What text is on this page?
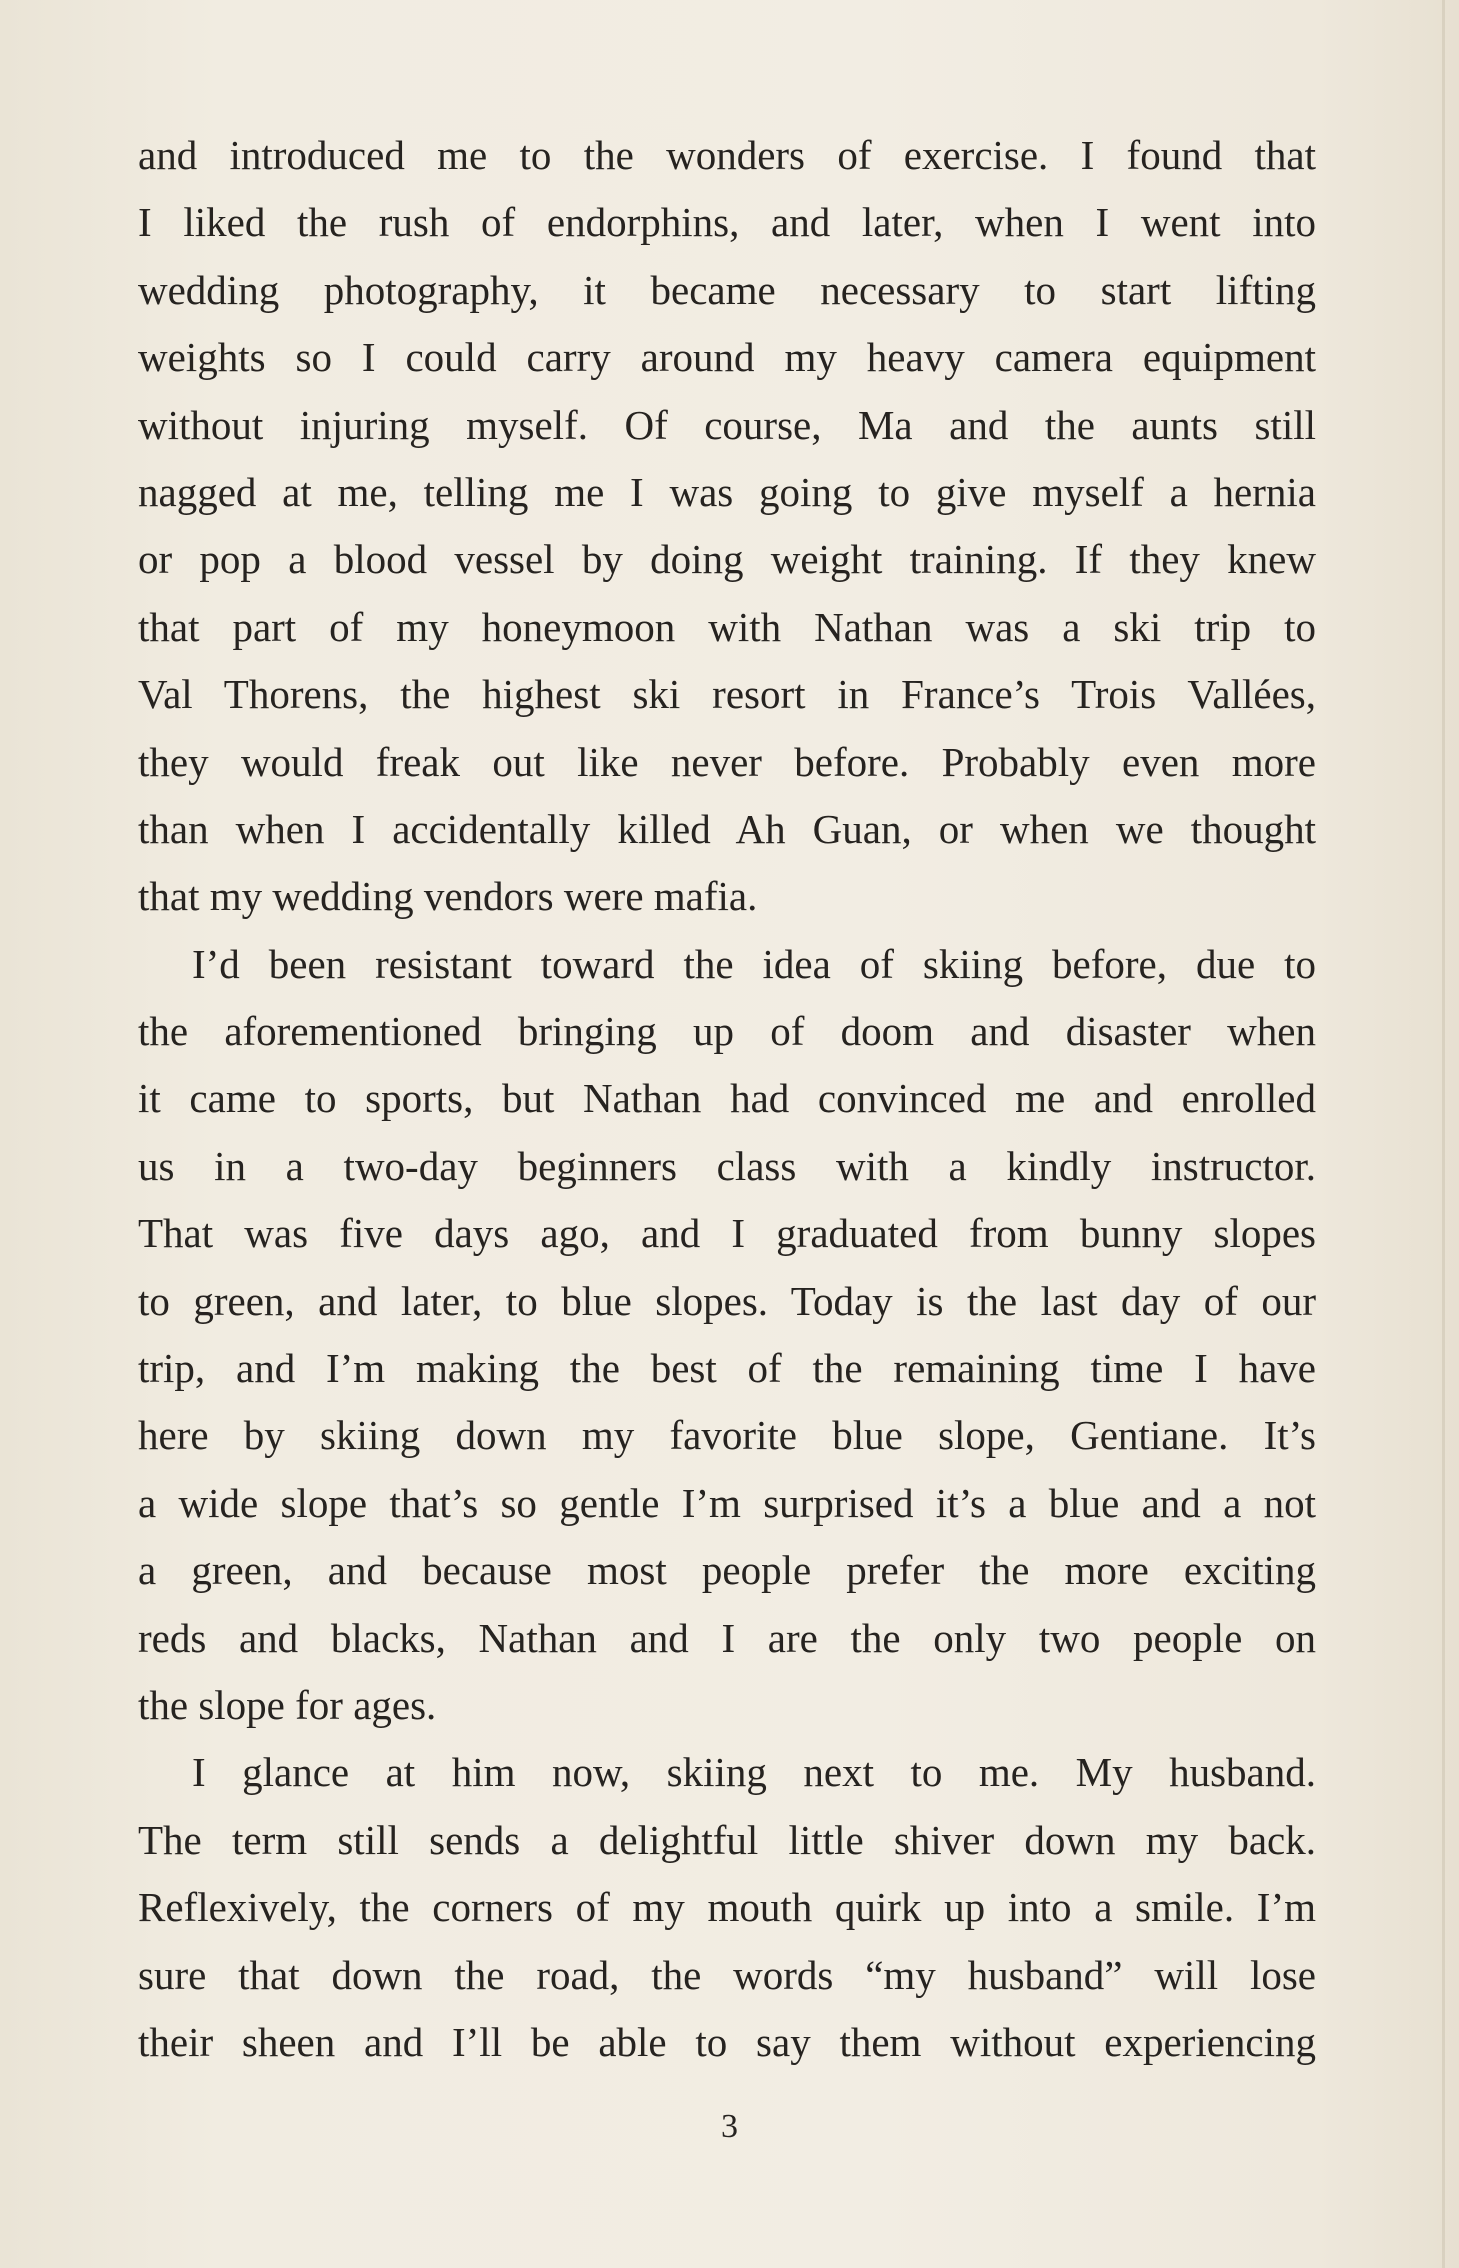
and introduced me to the wonders of exercise. I found that
I liked the rush of endorphins, and later, when I went into
wedding photography, it became necessary to start lifting
weights so I could carry around my heavy camera equipment
without injuring myself. Of course, Ma and the aunts still
nagged at me, telling me I was going to give myself a hernia
or pop a blood vessel by doing weight training. If they knew
that part of my honeymoon with Nathan was a ski trip to
Val Thorens, the highest ski resort in France’s Trois Vallées,
they would freak out like never before. Probably even more
than when I accidentally killed Ah Guan, or when we thought
that my wedding vendors were mafia.
I’d been resistant toward the idea of skiing before, due to
the aforementioned bringing up of doom and disaster when
it came to sports, but Nathan had convinced me and enrolled
us in a two-day beginners class with a kindly instructor.
That was five days ago, and I graduated from bunny slopes
to green, and later, to blue slopes. Today is the last day of our
trip, and I’m making the best of the remaining time I have
here by skiing down my favorite blue slope, Gentiane. It’s
a wide slope that’s so gentle I’m surprised it’s a blue and a not
a green, and because most people prefer the more exciting
reds and blacks, Nathan and I are the only two people on
the slope for ages.
I glance at him now, skiing next to me. My husband.
The term still sends a delightful little shiver down my back.
Reflexively, the corners of my mouth quirk up into a smile. I’m
sure that down the road, the words “my husband” will lose
their sheen and I’ll be able to say them without experiencing
3
